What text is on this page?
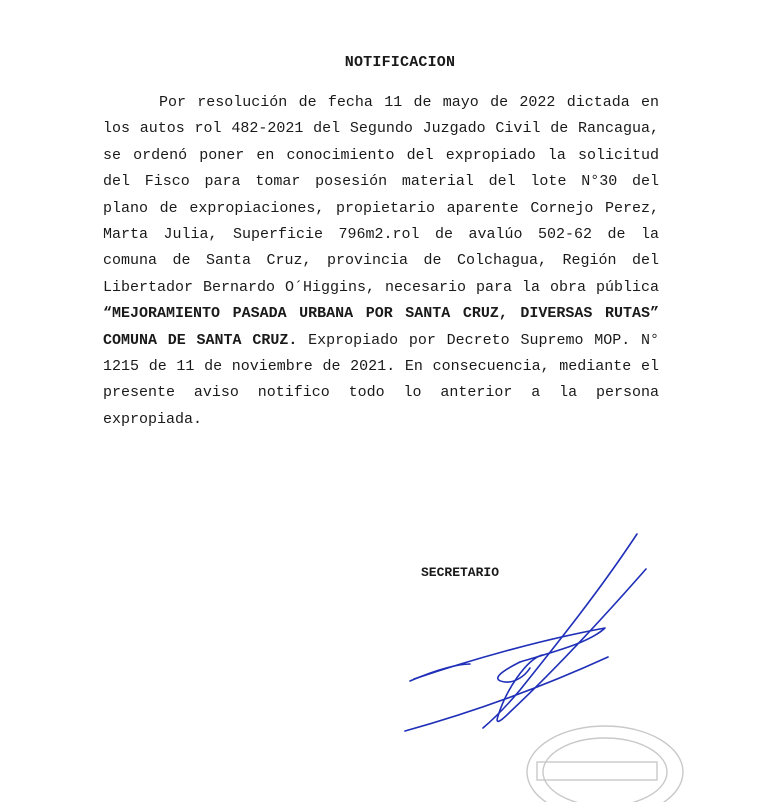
NOTIFICACION

Por resolución de fecha 11 de mayo de 2022 dictada en los autos rol 482-2021 del Segundo Juzgado Civil de Rancagua, se ordenó poner en conocimiento del expropiado la solicitud del Fisco para tomar posesión material del lote N°30 del plano de expropiaciones, propietario aparente Cornejo Perez, Marta Julia, Superficie 796m2.rol de avalúo 502-62 de la comuna de Santa Cruz, provincia de Colchagua, Región del Libertador Bernardo O´Higgins, necesario para la obra pública “MEJORAMIENTO PASADA URBANA POR SANTA CRUZ, DIVERSAS RUTAS” COMUNA DE SANTA CRUZ. Expropiado por Decreto Supremo MOP. N° 1215 de 11 de noviembre de 2021. En consecuencia, mediante el presente aviso notifico todo lo anterior a la persona expropiada.

SECRETARIO
